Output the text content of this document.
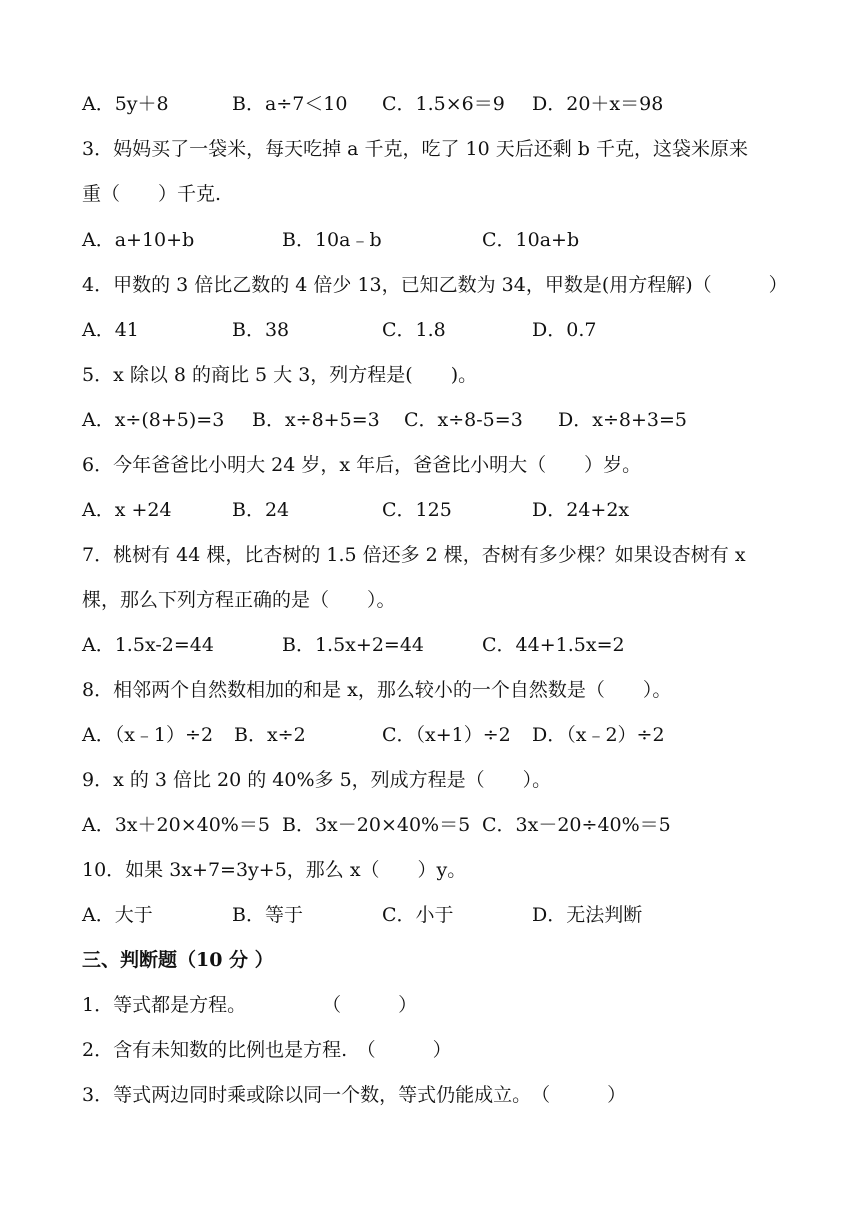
A．5y＋8	B．a÷7＜10 C．1.5×6＝9 D．20＋x＝98
3．妈妈买了一袋米，每天吃掉 a 千克，吃了 10 天后还剩 b 千克，这袋米原来
重（　　）千克.
A．a+10+b	B．10a﹣b	C．10a+b
4．甲数的 3 倍比乙数的 4 倍少 13，已知乙数为 34，甲数是(用方程解)（　　　）
A．41	B．38	C．1.8	D．0.7
5．x 除以 8 的商比 5 大 3，列方程是(　　)。
A．x÷(8+5)=3 B．x÷8+5=3 C．x÷8-5=3 D．x÷8+3=5
6．今年爸爸比小明大 24 岁，x 年后，爸爸比小明大（　　）岁。
A．x +24	B．24	C．125	D．24+2x
7．桃树有 44 棵，比杏树的 1.5 倍还多 2 棵，杏树有多少棵？如果设杏树有 x
棵，那么下列方程正确的是（　　）。
A．1.5x-2=44	B．1.5x+2=44	C．44+1.5x=2
8．相邻两个自然数相加的和是 x，那么较小的一个自然数是（　　）。
A．（x﹣1）÷2 B．x÷2	C．（x+1）÷2 D．（x﹣2）÷2
9．x 的 3 倍比 20 的 40%多 5，列成方程是（　　）。
A．3x＋20×40%＝5 B．3x－20×40%＝5 C．3x－20÷40%＝5
10．如果 3x+7=3y+5，那么 x（　　）y。
A．大于	B．等于	C．小于	D．无法判断
三、判断题（10 分 ）
1．等式都是方程。　　　　　（　　　）
2．含有未知数的比例也是方程.　（　　　）
3．等式两边同时乘或除以同一个数，等式仍能成立。　（　　　）
